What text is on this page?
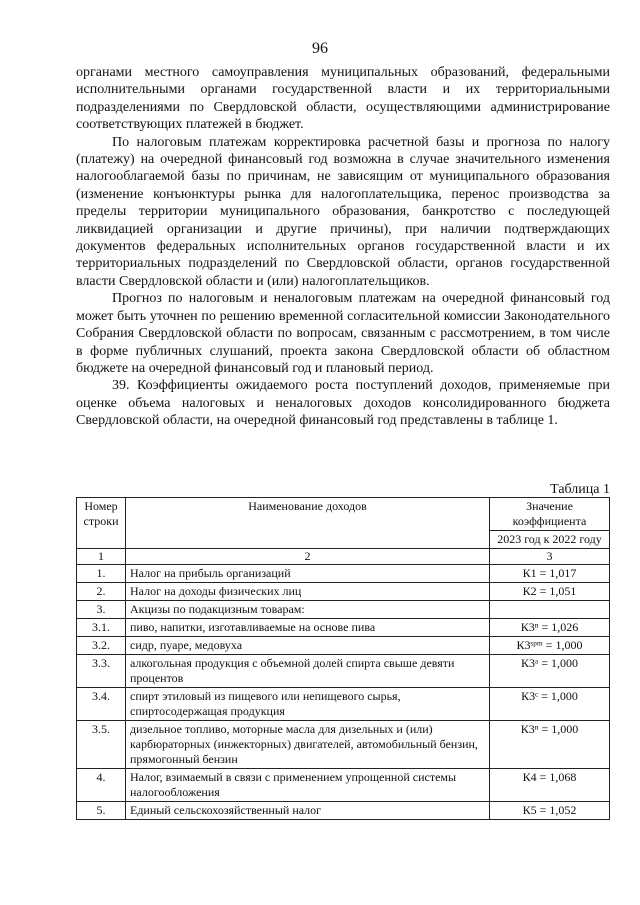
96

органами местного самоуправления муниципальных образований, федеральными исполнительными органами государственной власти и их территориальными подразделениями по Свердловской области, осуществляющими администрирование соответствующих платежей в бюджет.

По налоговым платежам корректировка расчетной базы и прогноза по налогу (платежу) на очередной финансовый год возможна в случае значительного изменения налогооблагаемой базы по причинам, не зависящим от муниципального образования (изменение конъюнктуры рынка для налогоплательщика, перенос производства за пределы территории муниципального образования, банкротство с последующей ликвидацией организации и другие причины), при наличии подтверждающих документов федеральных исполнительных органов государственной власти и их территориальных подразделений по Свердловской области, органов государственной власти Свердловской области и (или) налогоплательщиков.

Прогноз по налоговым и неналоговым платежам на очередной финансовый год может быть уточнен по решению временной согласительной комиссии Законодательного Собрания Свердловской области по вопросам, связанным с рассмотрением, в том числе в форме публичных слушаний, проекта закона Свердловской области об областном бюджете на очередной финансовый год и плановый период.

39. Коэффициенты ожидаемого роста поступлений доходов, применяемые при оценке объема налоговых и неналоговых доходов консолидированного бюджета Свердловской области, на очередной финансовый год представлены в таблице 1.

Таблица 1
Номер строки	Наименование доходов	Значение коэффициента
		2023 год к 2022 году
1	2	3
1.	Налог на прибыль организаций	К1 = 1,017
2.	Налог на доходы физических лиц	К2 = 1,051
3.	Акцизы по подакцизным товарам:	
3.1.	пиво, напитки, изготавливаемые на основе пива	К3ⁿ = 1,026
3.2.	сидр, пуаре, медовуха	К3ˢᵖᵐ = 1,000
3.3.	алкогольная продукция с объемной долей спирта свыше девяти процентов	К3ᵃ = 1,000
3.4.	спирт этиловый из пищевого или непищевого сырья, спиртосодержащая продукция	К3ᶜ = 1,000
3.5.	дизельное топливо, моторные масла для дизельных и (или) карбюраторных (инжекторных) двигателей, автомобильный бензин, прямогонный бензин	К3ⁿ = 1,000
4.	Налог, взимаемый в связи с применением упрощенной системы налогообложения	К4 = 1,068
5.	Единый сельскохозяйственный налог	К5 = 1,052
